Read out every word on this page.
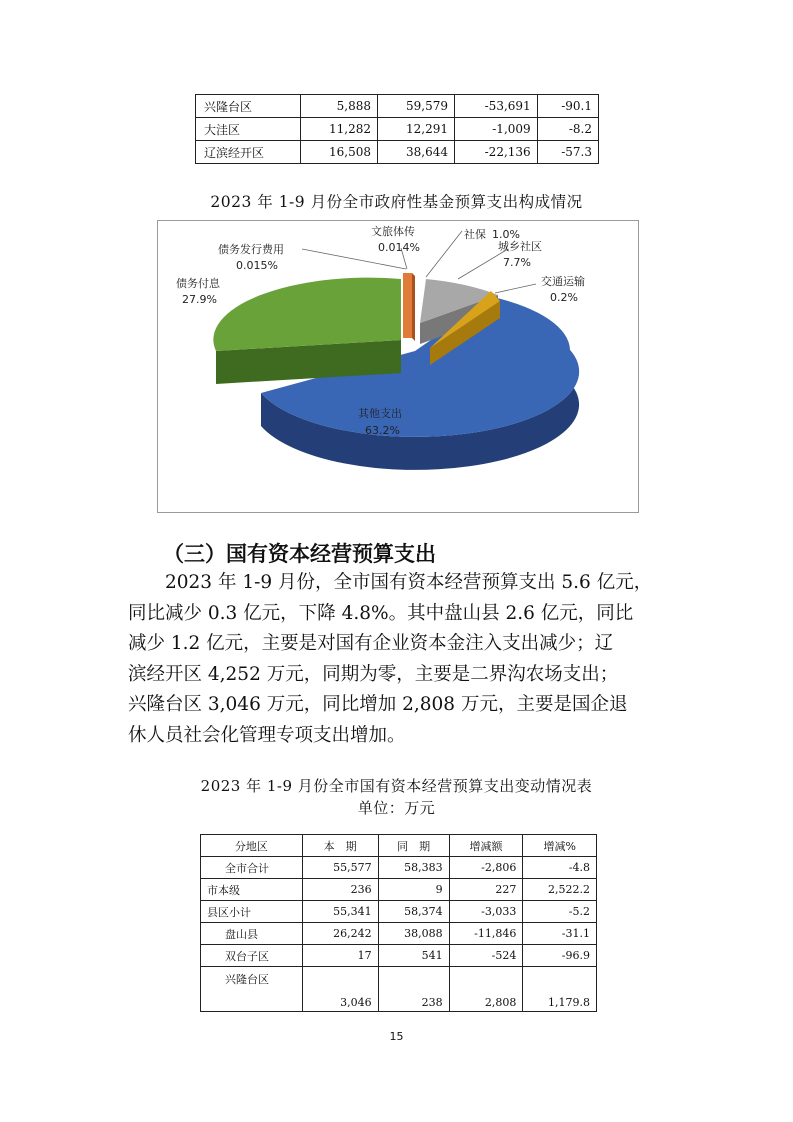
兴隆台区	5,888	59,579	-53,691	-90.1
大洼区	11,282	12,291	-1,009	-8.2
辽滨经开区	16,508	38,644	-22,136	-57.3
2023 年 1-9 月份全市政府性基金预算支出构成情况
债务发行费用
0.015%
债务付息
27.9%
文旅体传
0.014%
社保 1.0%
城乡社区
7.7%
交通运输
0.2%
其他支出
63.2%
（三）国有资本经营预算支出
　　2023 年 1-9 月份，全市国有资本经营预算支出 5.6 亿元，
同比减少 0.3 亿元，下降 4.8%。其中盘山县 2.6 亿元，同比
减少 1.2 亿元，主要是对国有企业资本金注入支出减少；辽
滨经开区 4,252 万元，同期为零，主要是二界沟农场支出；
兴隆台区 3,046 万元，同比增加 2,808 万元，主要是国企退
休人员社会化管理专项支出增加。
2023 年 1-9 月份全市国有资本经营预算支出变动情况表
单位：万元
分地区	本　期	同　期	增减额	增减%
全市合计	55,577	58,383	-2,806	-4.8
市本级	236	9	227	2,522.2
县区小计	55,341	58,374	-3,033	-5.2
盘山县	26,242	38,088	-11,846	-31.1
双台子区	17	541	-524	-96.9
兴隆台区	3,046	238	2,808	1,179.8
15
